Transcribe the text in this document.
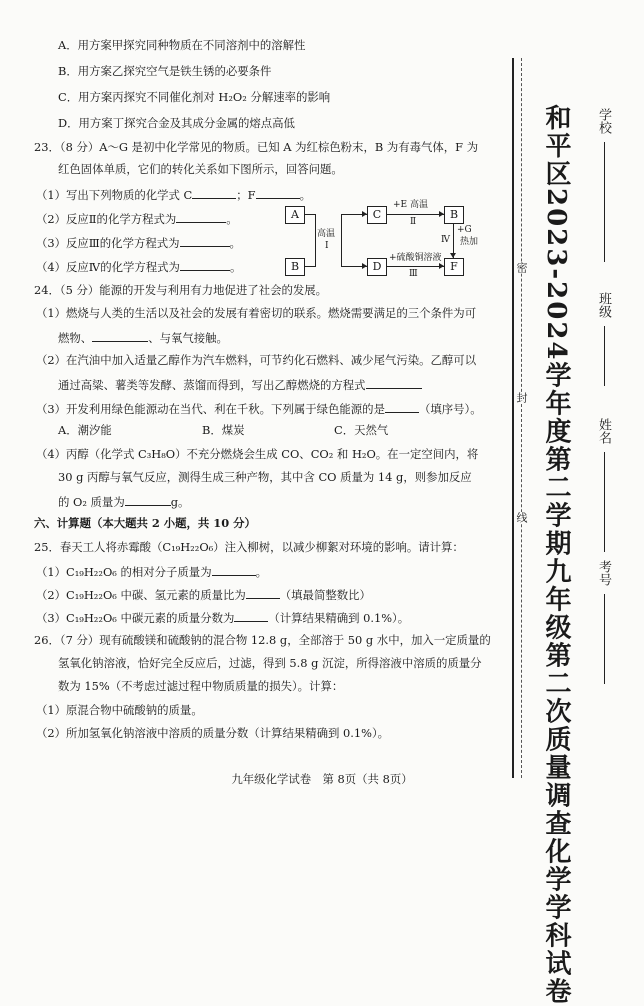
A．用方案甲探究同种物质在不同溶剂中的溶解性
B．用方案乙探究空气是铁生锈的必要条件
C．用方案丙探究不同催化剂对 H₂O₂ 分解速率的影响
D．用方案丁探究合金及其成分金属的熔点高低
23．（8 分）A～G 是初中化学常见的物质。已知 A 为红棕色粉末，B 为有毒气体，F 为
红色固体单质，它们的转化关系如下图所示，回答问题。
（1）写出下列物质的化学式 C	；F	。
（2）反应Ⅱ的化学方程式为	。
（3）反应Ⅲ的化学方程式为	。
（4）反应Ⅳ的化学方程式为	。
A
B
C
D
B
F
高温
Ⅰ
+E 高温
Ⅱ
+硫酸铜溶液
Ⅲ
Ⅳ
+G
加热
24．（5 分）能源的开发与利用有力地促进了社会的发展。
（1）燃烧与人类的生活以及社会的发展有着密切的联系。燃烧需要满足的三个条件为可
燃物、	、与氧气接触。
（2）在汽油中加入适量乙醇作为汽车燃料，可节约化石燃料、减少尾气污染。乙醇可以
通过高粱、薯类等发酵、蒸馏而得到，写出乙醇燃烧的方程式
（3）开发利用绿色能源动在当代、利在千秋。下列属于绿色能源的是	（填序号）。
A．潮汐能	B．煤炭	C．天然气
（4）丙醇（化学式 C₃H₈O）不充分燃烧会生成 CO、CO₂ 和 H₂O。在一定空间内，将
30 g 丙醇与氧气反应，测得生成三种产物，其中含 CO 质量为 14 g，则参加反应
的 O₂ 质量为	g。
六、计算题（本大题共 2 小题，共 10 分）
25．春天工人将赤霉酸（C₁₉H₂₂O₆）注入柳树，以减少柳絮对环境的影响。请计算：
（1）C₁₉H₂₂O₆ 的相对分子质量为	。
（2）C₁₉H₂₂O₆ 中碳、氢元素的质量比为	（填最简整数比）
（3）C₁₉H₂₂O₆ 中碳元素的质量分数为	（计算结果精确到 0.1%）。
26．（7 分）现有硫酸镁和硫酸钠的混合物 12.8 g，全部溶于 50 g 水中，加入一定质量的
氢氧化钠溶液，恰好完全反应后，过滤，得到 5.8 g 沉淀，所得溶液中溶质的质量分
数为 15%（不考虑过滤过程中物质质量的损失）。计算：
（1）原混合物中硫酸钠的质量。
（2）所加氢氧化钠溶液中溶质的质量分数（计算结果精确到 0.1%）。
九年级化学试卷　第 8页（共 8页）
密
封
线 和平区2023-2024学年度第二学期九年级第二次质量调查化学学科试卷 学校
班级
姓名
考号
